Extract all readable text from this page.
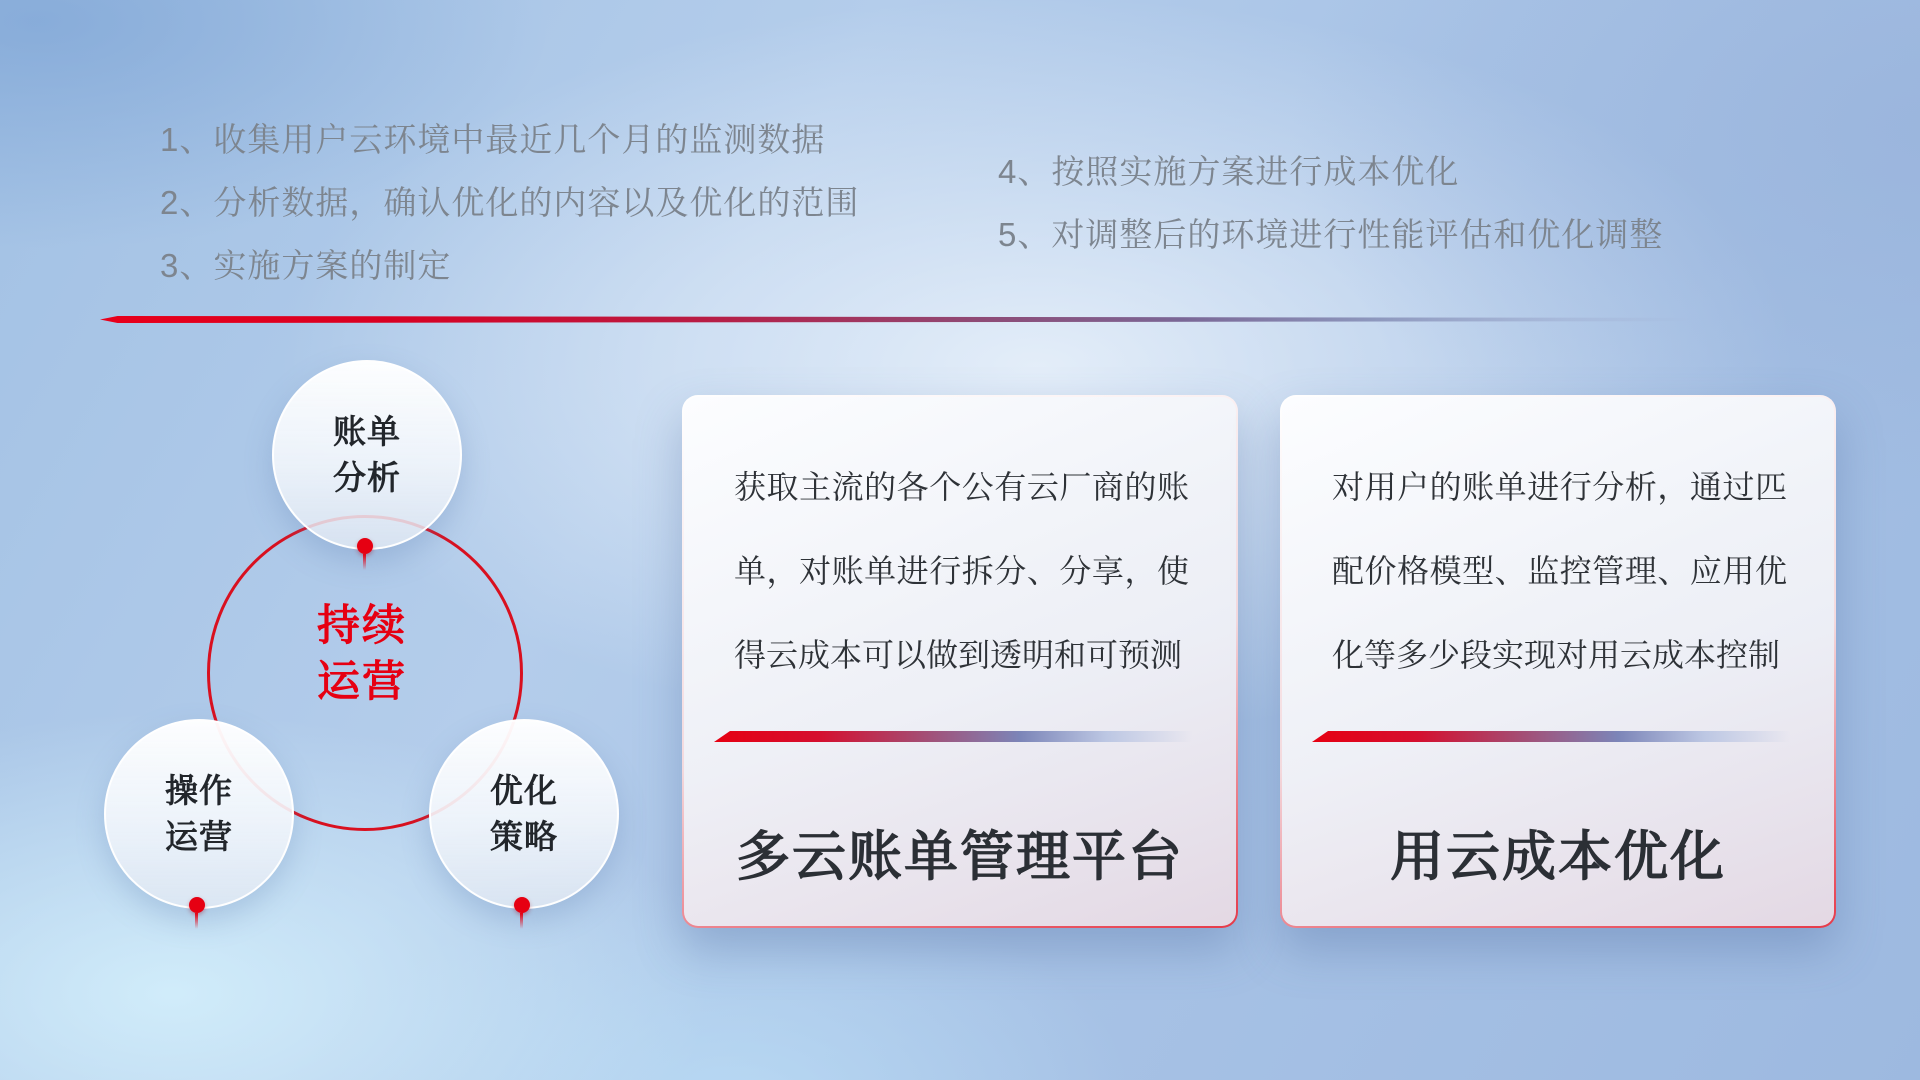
1、收集用户云环境中最近几个月的监测数据
2、分析数据，确认优化的内容以及优化的范围
3、实施方案的制定
4、按照实施方案进行成本优化
5、对调整后的环境进行性能评估和优化调整
账单
分析
操作
运营
优化
策略
持续
运营
获取主流的各个公有云厂商的账单，对账单进行拆分、分享，使得云成本可以做到透明和可预测
多云账单管理平台
对用户的账单进行分析，通过匹配价格模型、监控管理、应用优化等多少段实现对用云成本控制
用云成本优化
